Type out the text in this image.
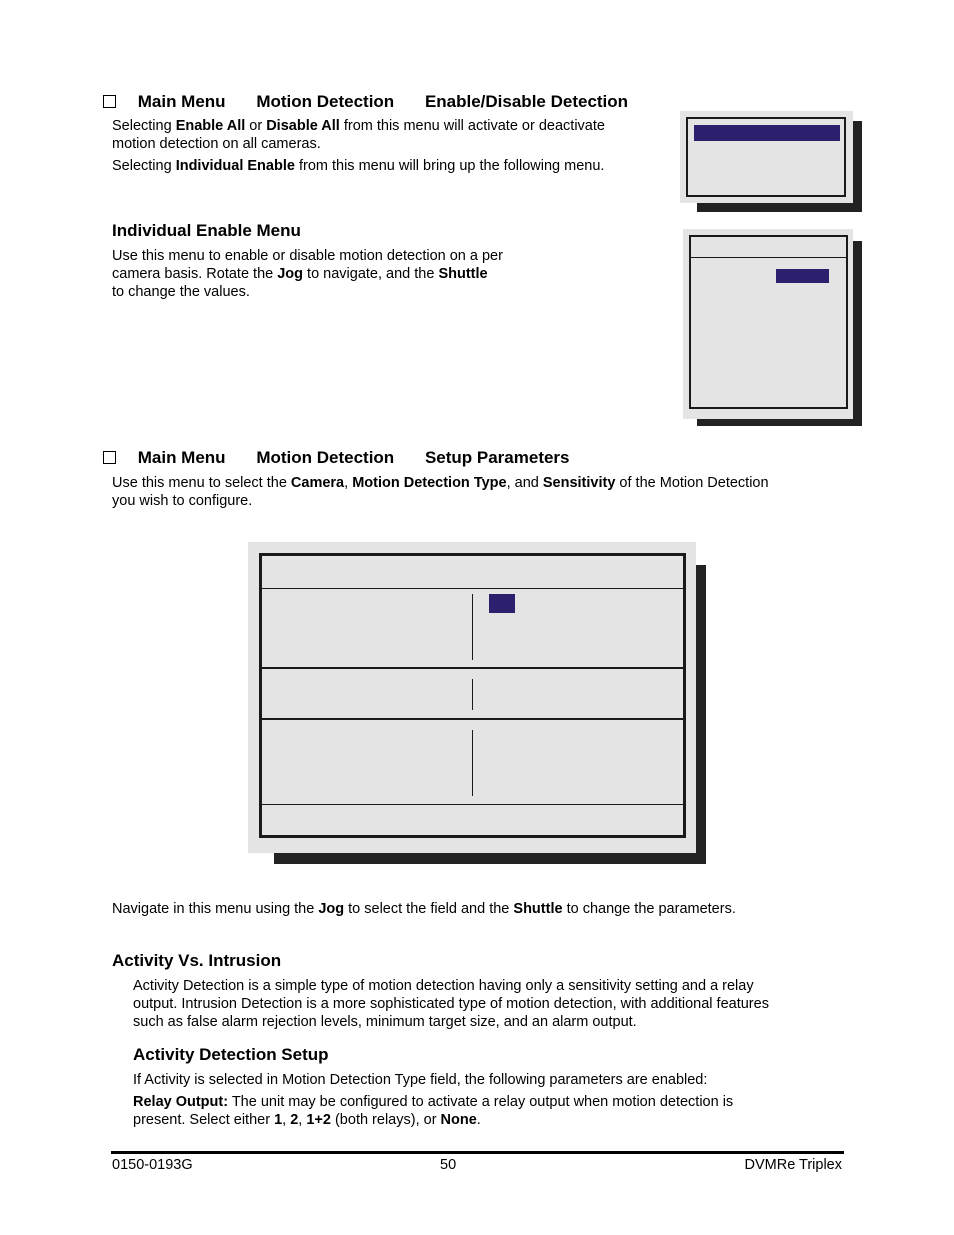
Main Menu Motion Detection Enable/Disable Detection
Selecting Enable All or Disable All from this menu will activate or deactivate
motion detection on all cameras.
Selecting Individual Enable from this menu will bring up the following menu.
Individual Enable Menu
Use this menu to enable or disable motion detection on a per
camera basis. Rotate the Jog to navigate, and the Shuttle
to change the values.
Main Menu Motion Detection Setup Parameters
Use this menu to select the Camera, Motion Detection Type, and Sensitivity of the Motion Detection
you wish to configure.
Navigate in this menu using the Jog to select the field and the Shuttle to change the parameters.
Activity Vs. Intrusion
Activity Detection is a simple type of motion detection having only a sensitivity setting and a relay
output. Intrusion Detection is a more sophisticated type of motion detection, with additional features
such as false alarm rejection levels, minimum target size, and an alarm output.
Activity Detection Setup
If Activity is selected in Motion Detection Type field, the following parameters are enabled:
Relay Output: The unit may be configured to activate a relay output when motion detection is
present. Select either 1, 2, 1+2 (both relays), or None.
0150-0193G	50	DVMRe Triplex
